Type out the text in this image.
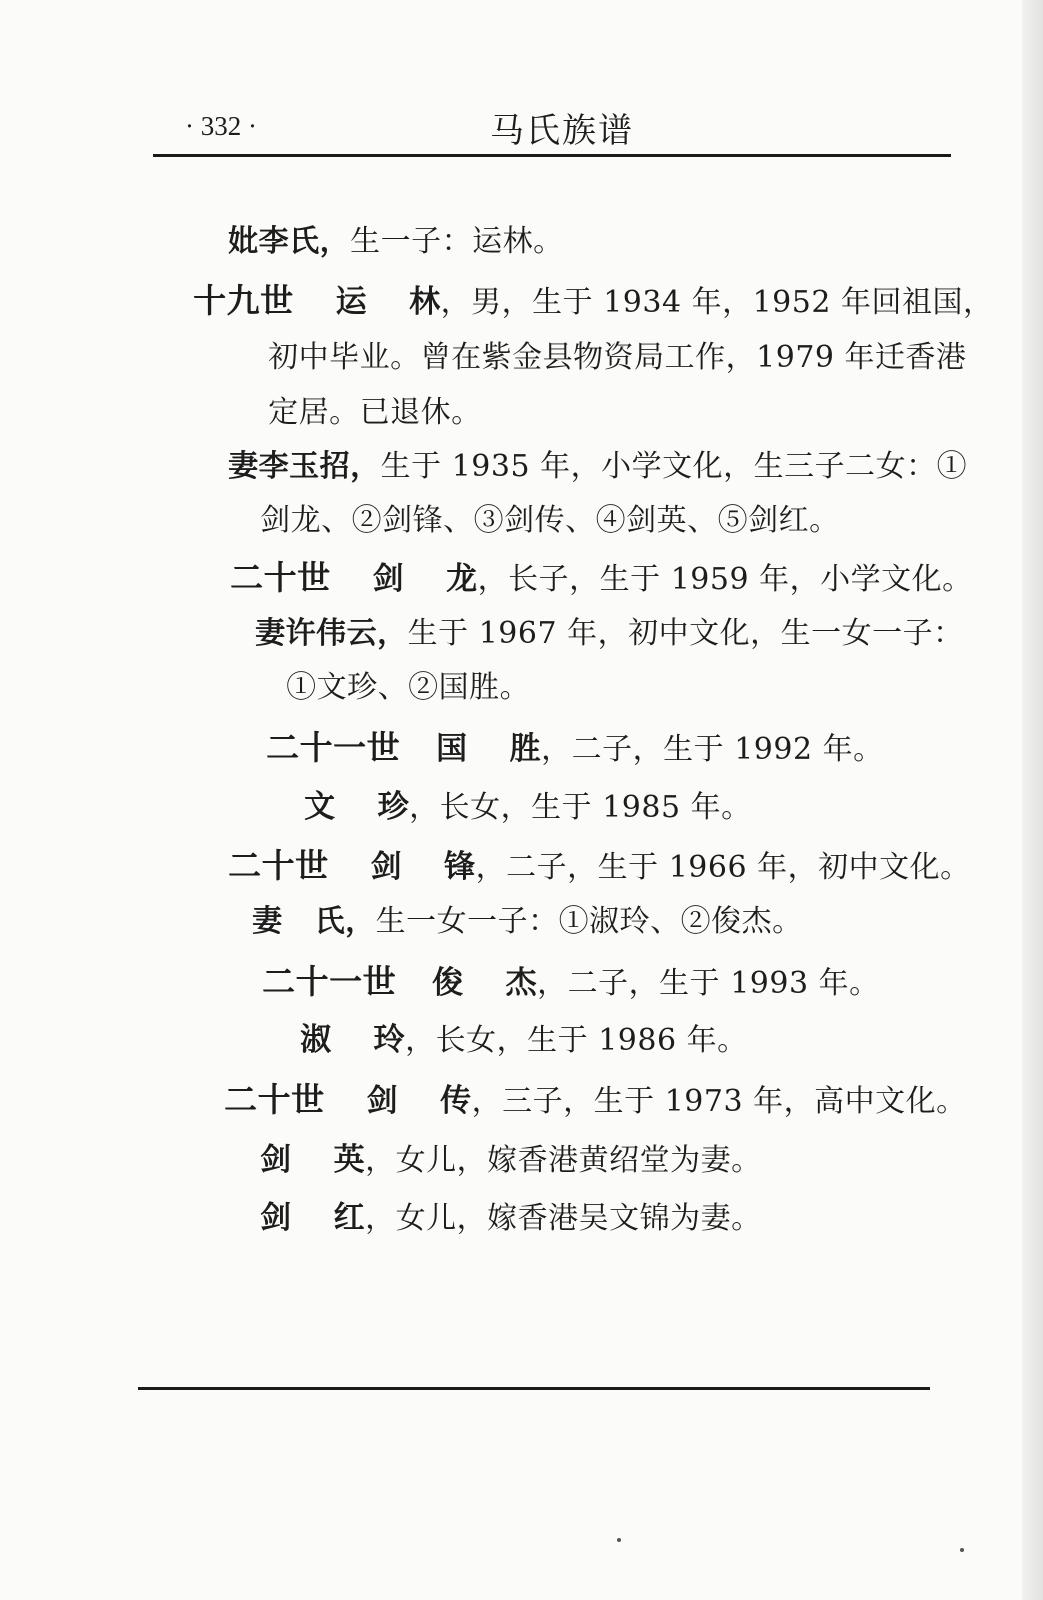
· 332 ·	马氏族谱

妣李氏，生一子：运林。

十九世 运 林，男，生于 1934 年，1952 年回祖国，

初中毕业。曾在紫金县物资局工作，1979 年迁香港

定居。已退休。

妻李玉招，生于 1935 年，小学文化，生三子二女：①

剑龙、②剑锋、③剑传、④剑英、⑤剑红。

二十世 剑 龙，长子，生于 1959 年，小学文化。

妻许伟云，生于 1967 年，初中文化，生一女一子：

①文珍、②国胜。

二十一世 国 胜，二子，生于 1992 年。

文 珍，长女，生于 1985 年。

二十世 剑 锋，二子，生于 1966 年，初中文化。

妻 氏，生一女一子：①淑玲、②俊杰。

二十一世 俊 杰，二子，生于 1993 年。

淑 玲，长女，生于 1986 年。

二十世 剑 传，三子，生于 1973 年，高中文化。

剑 英，女儿，嫁香港黄绍堂为妻。

剑 红，女儿，嫁香港吴文锦为妻。
